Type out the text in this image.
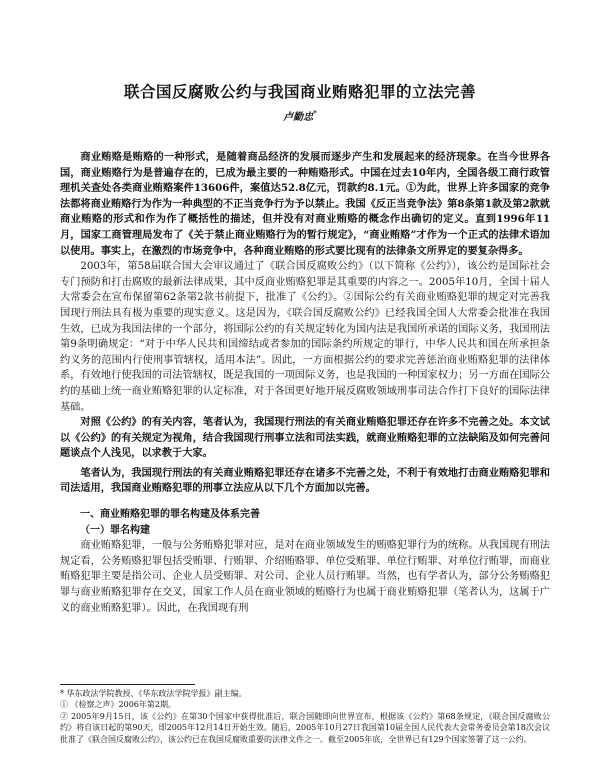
联合国反腐败公约与我国商业贿赂犯罪的立法完善
卢勤忠*

商业贿赂是贿赂的一种形式，是随着商品经济的发展而逐步产生和发展起来的经济现象。在当今世界各国，商业贿赂行为是普遍存在的，已成为最主要的一种贿赂形式。中国在过去10年内，全国各级工商行政管理机关查处各类商业贿赂案件13606件，案值达52.8亿元，罚款约8.1元。①为此，世界上许多国家的竞争法都将商业贿赂行为作为一种典型的不正当竞争行为予以禁止。我国《反正当竞争法》第8条第1款及第2款就商业贿赂的形式和作为作了概括性的描述，但并没有对商业贿赂的概念作出确切的定义。直到1996年11月，国家工商管理局发布了《关于禁止商业贿赂行为的暂行规定》，“商业贿赂”才作为一个正式的法律术语加以使用。事实上，在激烈的市场竞争中，各种商业贿赂的形式要比现有的法律条文所界定的要复杂得多。

2003年，第58届联合国大会审议通过了《联合国反腐败公约》（以下简称《公约》），该公约是国际社会专门预防和打击腐败的最新法律成果，其中反商业贿赂犯罪是其重要的内容之一。2005年10月，全国十届人大常委会在宣布保留第62条第2款书前提下，批准了《公约》。②国际公约有关商业贿赂犯罪的规定对完善我国现行刑法具有极为重要的现实意义。这是因为，《联合国反腐败公约》已经我国全国人大常委会批准在我国生效，已成为我国法律的一个部分，将国际公约的有关规定转化为国内法是我国所承诺的国际义务，我国刑法第9条明确规定：“对于中华人民共和国缔结或者参加的国际条约所规定的罪行，中华人民共和国在所承担条约义务的范围内行使刑事管辖权，适用本法”。因此，一方面根据公约的要求完善惩治商业贿赂犯罪的法律体系，有效地行使我国的司法管辖权，既是我国的一项国际义务，也是我国的一种国家权力；另一方面在国际公约的基础上统一商业贿赂犯罪的认定标准，对于各国更好地开展反腐败领域刑事司法合作打下良好的国际法律基础。

对照《公约》的有关内容，笔者认为，我国现行刑法的有关商业贿赂犯罪还存在许多不完善之处。本文试以《公约》的有关规定为视角，结合我国现行刑事立法和司法实践，就商业贿赂犯罪的立法缺陷及如何完善问题谈点个人浅见，以求教于大家。

笔者认为，我国现行刑法的有关商业贿赂犯罪还存在诸多不完善之处，不利于有效地打击商业贿赂犯罪和司法适用，我国商业贿赂犯罪的刑事立法应从以下几个方面加以完善。

一、商业贿赂犯罪的罪名构建及体系完善
（一）罪名构建

商业贿赂犯罪，一般与公务贿赂犯罪对应，是对在商业领域发生的贿赂犯罪行为的统称。从我国现有刑法规定看，公务贿赂犯罪包括受贿罪、行贿罪、介绍贿赂罪、单位受贿罪、单位行贿罪、对单位行贿罪，而商业贿赂犯罪主要是指公司、企业人员受贿罪、对公司、企业人员行贿罪。当然，也有学者认为，部分公务贿赂犯罪与商业贿赂犯罪存在交叉，国家工作人员在商业领域的贿赂行为也属于商业贿赂犯罪（笔者认为，这属于广义的商业贿赂犯罪）。因此，在我国现有刑

* 华东政法学院教授、《华东政法学院学报》副主编。
① 《检察之声》2006年第2期。
② 2005年9月15日，该《公约》在第30个国家中获得批准后，联合国随即向世界宣布，根据该《公约》第68条规定，《联合国反腐败公约》将自该日起的第90天，即2005年12月14日开始生效。随后，2005年10月27日我国第10届全国人民代表大会常务委员会第18次会议批准了《联合国反腐败公约》，该公约已在我国反腐败重要的法律文件之一。截至2005年底，全世界已有129个国家签署了这一公约。
